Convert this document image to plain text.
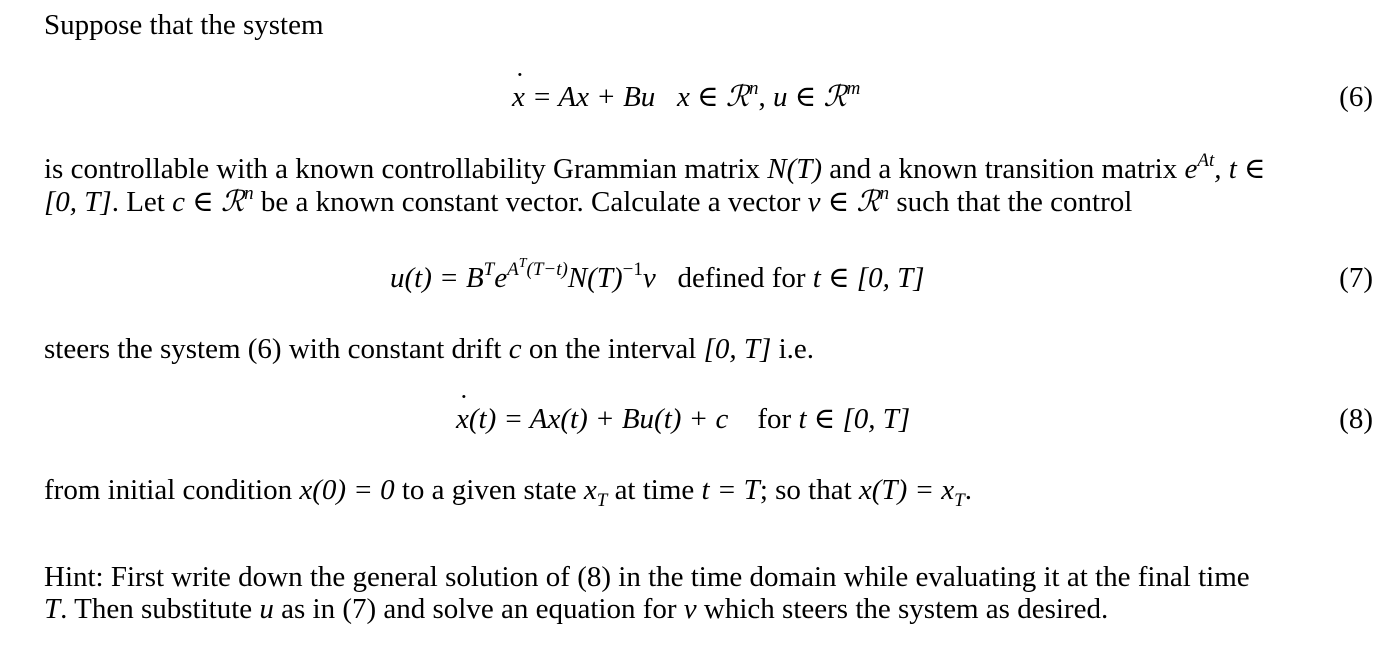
Suppose that the system
˙ x = Ax + Bu x ∈ ℛ$^n$, u ∈ ℛ$^m$	(6)
is controllable with a known controllability Grammian matrix N(T) and a known transition matrix $e^{At}$, t ∈
[0, T]. Let c ∈ ℛ$^n$ be a known constant vector. Calculate a vector v ∈ ℛ$^n$ such that the control
$u(t) = B^Te^{A^T(T-t)}N(T)^{-1}v$ defined for t ∈ [0, T]	(7)
steers the system (6) with constant drift c on the interval [0, T] i.e.
˙ x(t) = Ax(t) + Bu(t) + c for t ∈ [0, T]	(8)
from initial condition x(0) = 0 to a given state $x_T$ at time t = T; so that $x(T) = x_T$.
Hint: First write down the general solution of (8) in the time domain while evaluating it at the final time
T. Then substitute u as in (7) and solve an equation for v which steers the system as desired.
